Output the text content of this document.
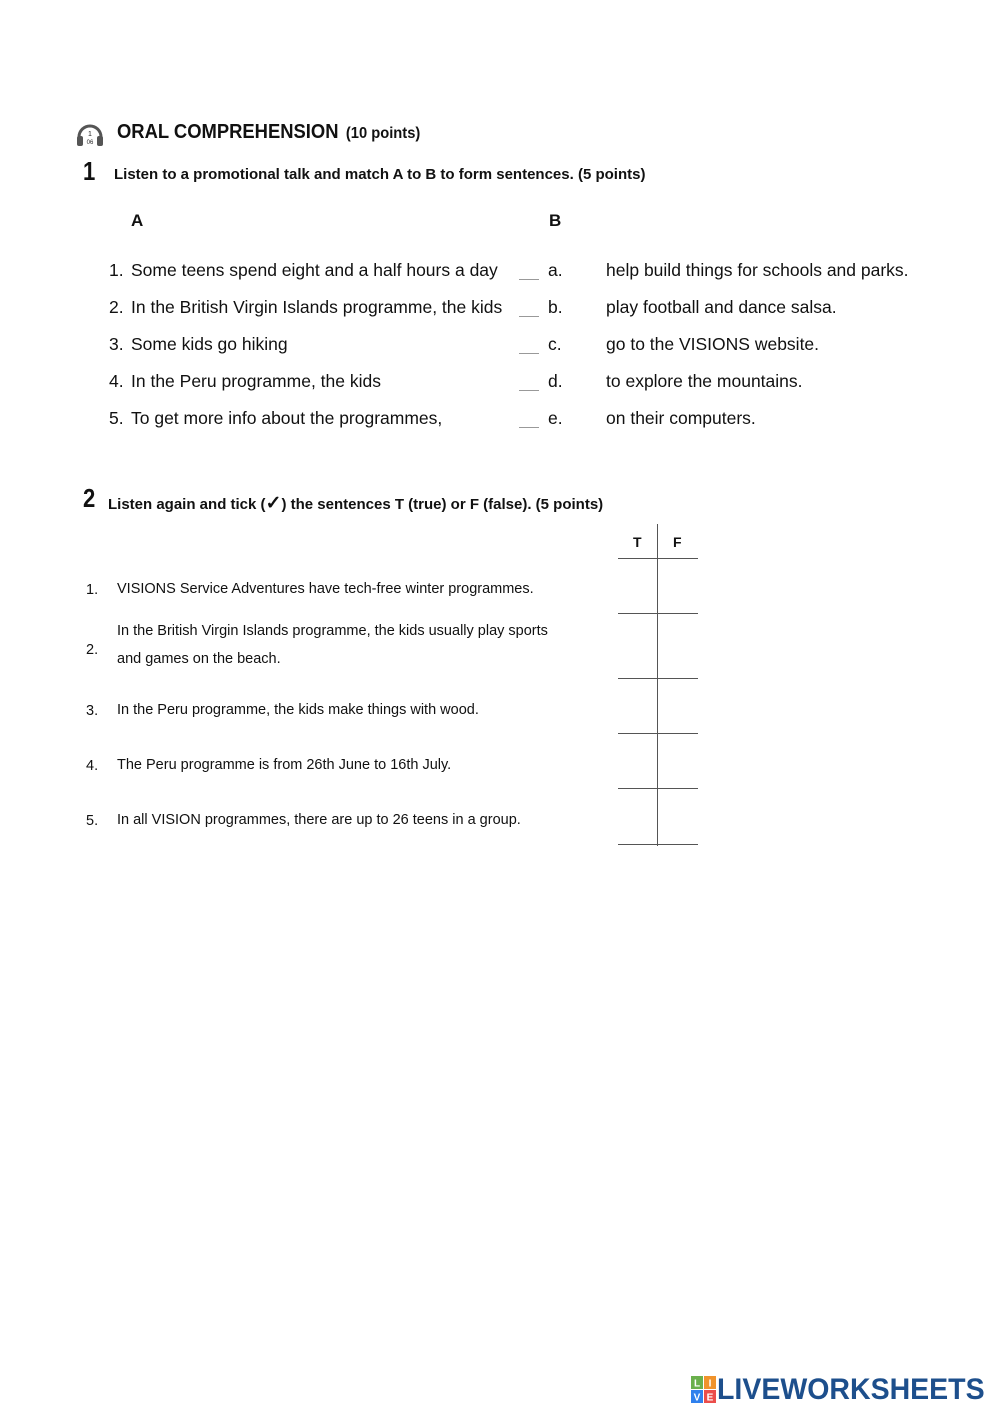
1
06 ORAL COMPREHENSION (10 points)
1 Listen to a promotional talk and match A to B to form sentences. (5 points)
A	B
1. Some teens spend eight and a half hours a day	a. help build things for schools and parks.
2. In the British Virgin Islands programme, the kids	b. play football and dance salsa.
3. Some kids go hiking	c.	go to the VISIONS website.
4. In the Peru programme, the kids	d. to explore the mountains.
5. To get more info about the programmes,	e. on their computers.
2 Listen again and tick (✓) the sentences T (true) or F (false). (5 points)
T F
1. VISIONS Service Adventures have tech-free winter programmes.
2.
In the British Virgin Islands programme, the kids usually play sports
and games on the beach.
3. In the Peru programme, the kids make things with wood.
4. The Peru programme is from 26th June to 16th July.
5. In all VISION programmes, there are up to 26 teens in a group.
L I
V E LIVEWORKSHEETS
